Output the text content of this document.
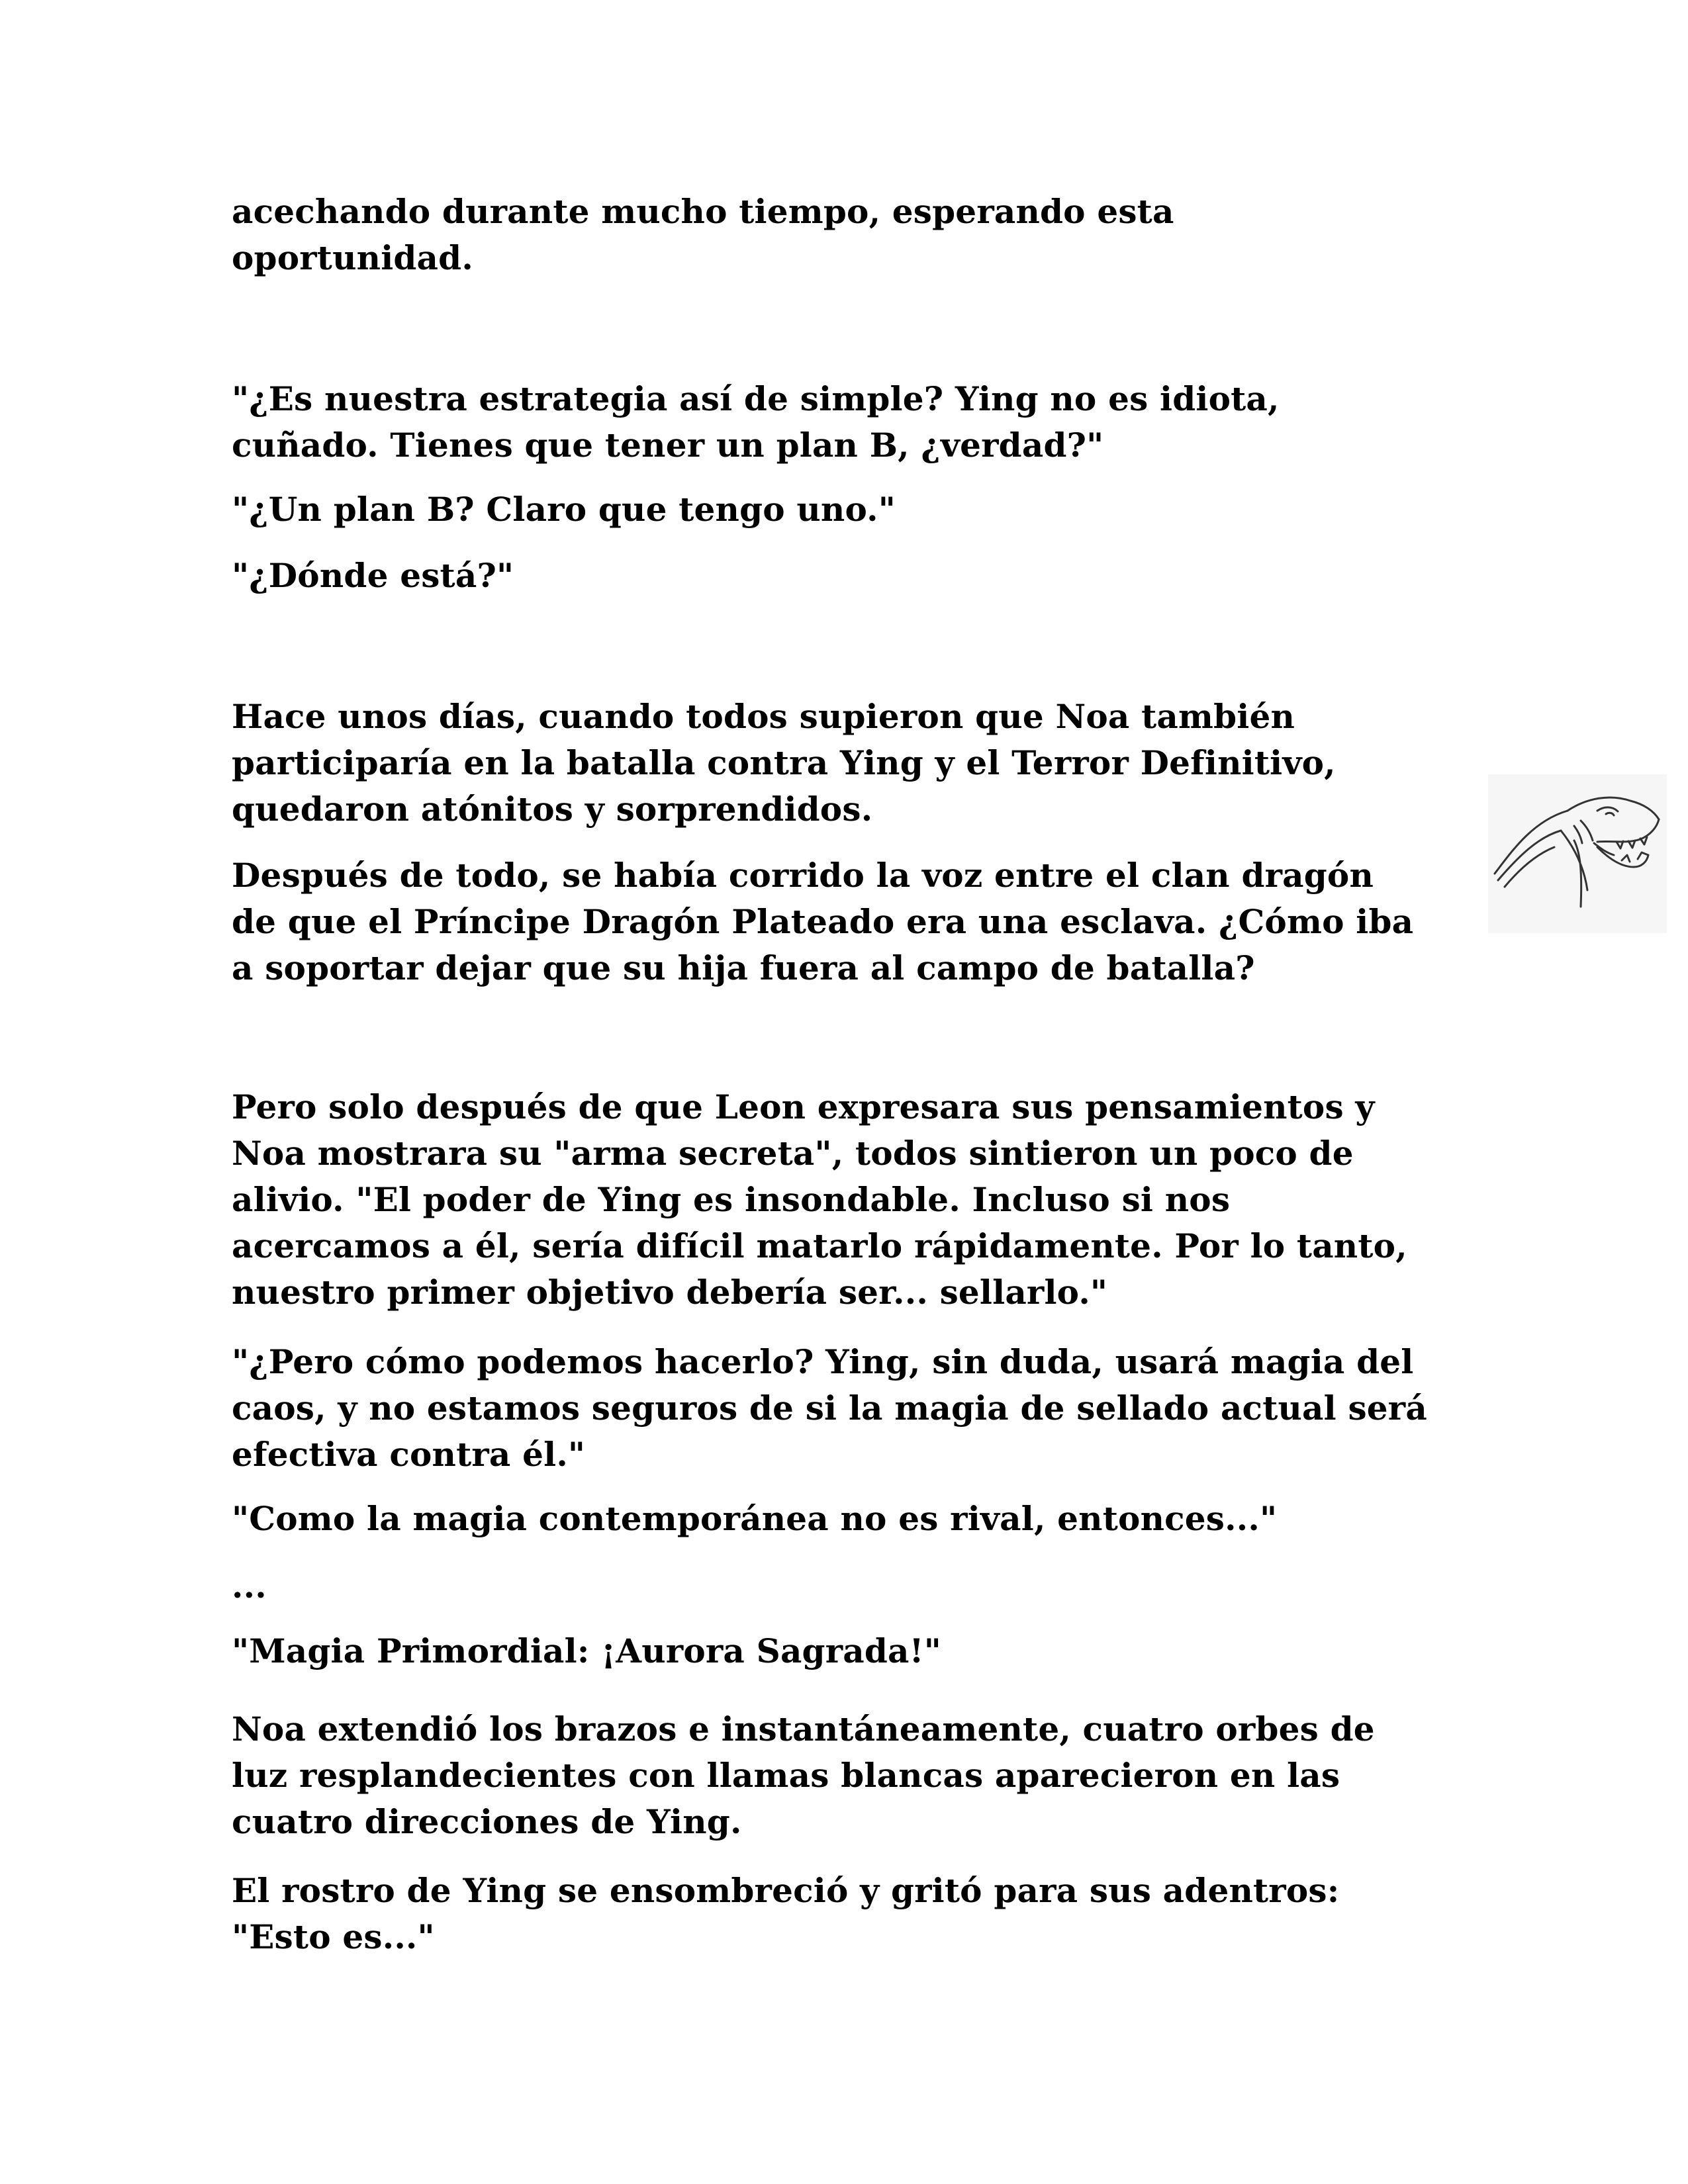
acechando durante mucho tiempo, esperando esta
oportunidad.

"¿Es nuestra estrategia así de simple? Ying no es idiota,
cuñado. Tienes que tener un plan B, ¿verdad?"

"¿Un plan B? Claro que tengo uno."

"¿Dónde está?"

Hace unos días, cuando todos supieron que Noa también
participaría en la batalla contra Ying y el Terror Definitivo,
quedaron atónitos y sorprendidos.

Después de todo, se había corrido la voz entre el clan dragón
de que el Príncipe Dragón Plateado era una esclava. ¿Cómo iba
a soportar dejar que su hija fuera al campo de batalla?

Pero solo después de que Leon expresara sus pensamientos y
Noa mostrara su "arma secreta", todos sintieron un poco de
alivio. "El poder de Ying es insondable. Incluso si nos
acercamos a él, sería difícil matarlo rápidamente. Por lo tanto,
nuestro primer objetivo debería ser... sellarlo."

"¿Pero cómo podemos hacerlo? Ying, sin duda, usará magia del
caos, y no estamos seguros de si la magia de sellado actual será
efectiva contra él."

"Como la magia contemporánea no es rival, entonces..."

...

"Magia Primordial: ¡Aurora Sagrada!"

Noa extendió los brazos e instantáneamente, cuatro orbes de
luz resplandecientes con llamas blancas aparecieron en las
cuatro direcciones de Ying.

El rostro de Ying se ensombreció y gritó para sus adentros:
"Esto es..."
